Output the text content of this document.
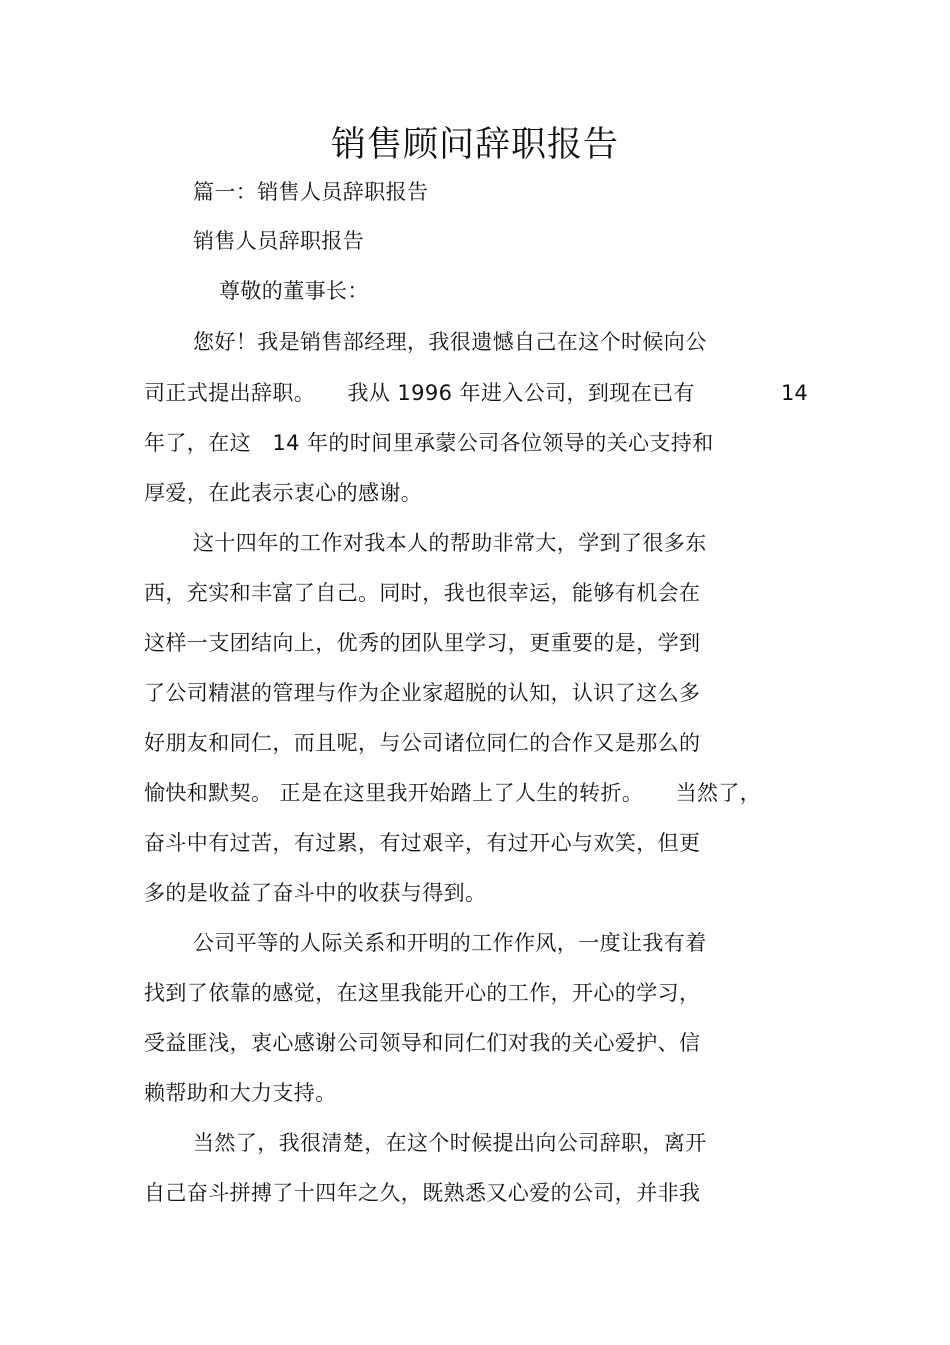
销售顾问辞职报告

篇一：销售人员辞职报告

销售人员辞职报告

尊敬的董事长：

您好！我是销售部经理，我很遗憾自己在这个时候向公

司正式提出辞职。　　我从 1996 年进入公司，到现在已有	14

年了，在这　14 年的时间里承蒙公司各位领导的关心支持和

厚爱，在此表示衷心的感谢。

这十四年的工作对我本人的帮助非常大，学到了很多东

西，充实和丰富了自己。同时，我也很幸运，能够有机会在

这样一支团结向上，优秀的团队里学习，更重要的是，学到

了公司精湛的管理与作为企业家超脱的认知，认识了这么多

好朋友和同仁，而且呢，与公司诸位同仁的合作又是那么的

愉快和默契。 正是在这里我开始踏上了人生的转折。　　当然了，

奋斗中有过苦，有过累，有过艰辛，有过开心与欢笑，但更

多的是收益了奋斗中的收获与得到。

公司平等的人际关系和开明的工作作风，一度让我有着

找到了依靠的感觉，在这里我能开心的工作，开心的学习，

受益匪浅，衷心感谢公司领导和同仁们对我的关心爱护、信

赖帮助和大力支持。

当然了，我很清楚，在这个时候提出向公司辞职，离开

自己奋斗拼搏了十四年之久，既熟悉又心爱的公司，并非我
